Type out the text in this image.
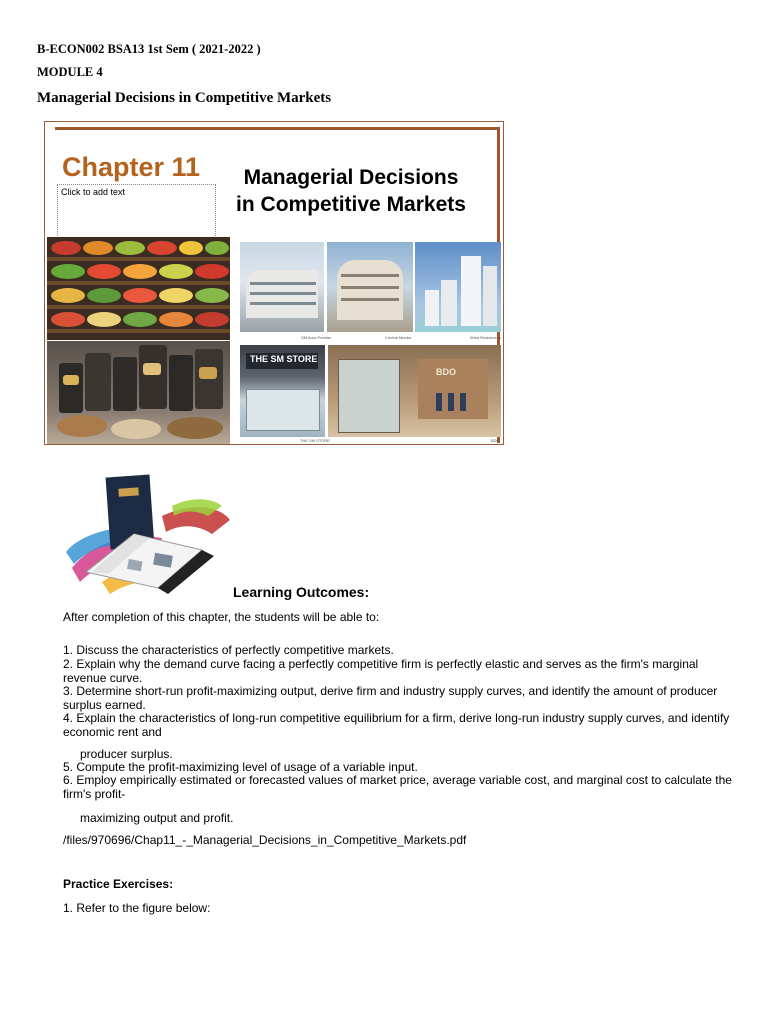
B-ECON002 BSA13 1st Sem ( 2021-2022 )
MODULE 4
Managerial Decisions in Competitive Markets
Chapter 11
Click to add text
Managerial Decisions
in Competitive Markets
SM Aura Premier	Central Manila	Wind Residences
THE SM STORE
BDO
THE SM STORE	BDO
Learning Outcomes:
After completion of this chapter, the students will be able to:
1. Discuss the characteristics of perfectly competitive markets.
2. Explain why the demand curve facing a perfectly competitive firm is perfectly elastic and serves as the firm's marginal revenue curve.
3. Determine short-run profit-maximizing output, derive firm and industry supply curves, and identify the amount of producer surplus earned.
4. Explain the characteristics of long-run competitive equilibrium for a firm, derive long-run industry supply curves, and identify economic rent and
producer surplus.
5. Compute the profit-maximizing level of usage of a variable input.
6. Employ empirically estimated or forecasted values of market price, average variable cost, and marginal cost to calculate the firm's profit-
maximizing output and profit.
/files/970696/Chap11_-_Managerial_Decisions_in_Competitive_Markets.pdf
Practice Exercises:
1. Refer to the figure below:
